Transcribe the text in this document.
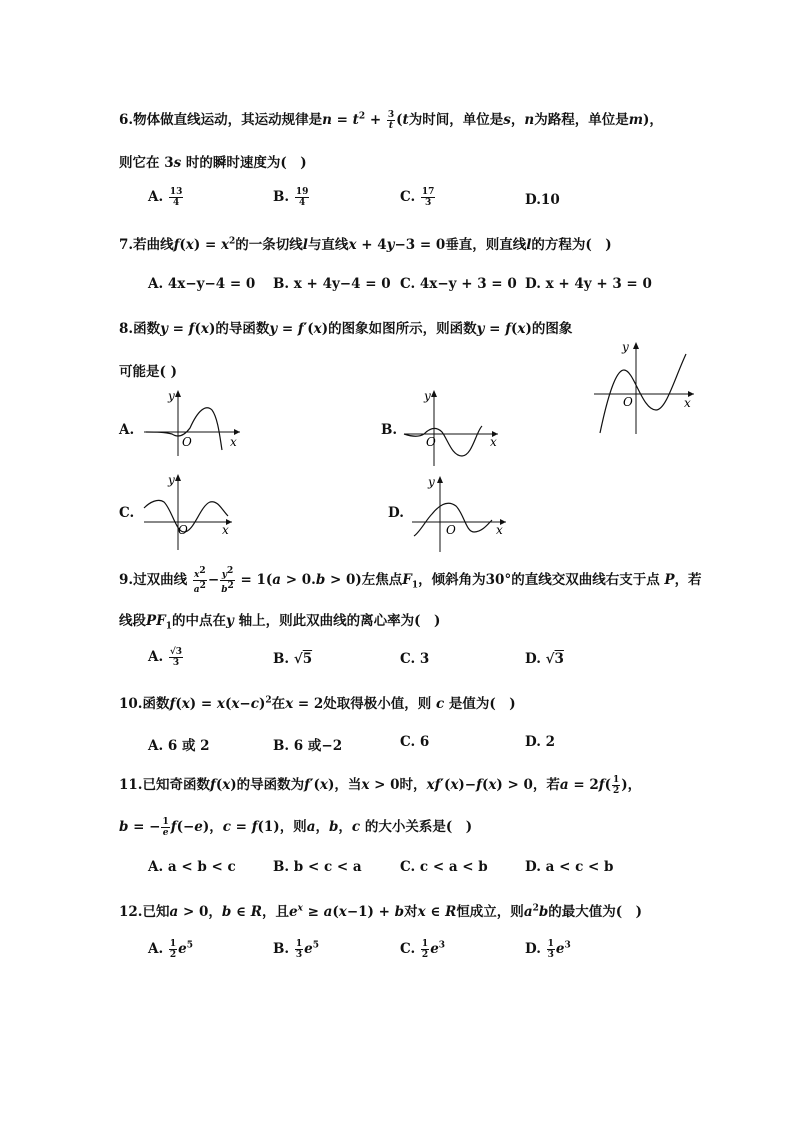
6.物体做直线运动，其运动规律是$n = t^2 + \frac{3}{t} (t$为时间，单位是s，n为路程，单位是m)，
则它在 3s 时的瞬时速度为(　)
A. $\frac{13}{4}$	B. $\frac{19}{4}$	C. $\frac{17}{3}$	D.10
7.若曲线$f(x) = x^2$的一条切线l与直线x + 4y−3 = 0垂直，则直线l的方程为(　)
A. 4x−y−4 = 0 B. x + 4y−4 = 0 C. 4x−y + 3 = 0 D. x + 4y + 3 = 0
8.函数y = f(x)的导函数y = f′(x)的图象如图所示，则函数y = f(x)的图象
可能是( )
y
x
O
A.
y
x
O
B.
y
x
O
C.
y
x
O
D.
y
x
O
9.过双曲线 $\frac{x^2}{a^2} - \frac{y^2}{b^2} = 1(a > 0.b > 0)$左焦点$F_1$，倾斜角为30°的直线交双曲线右支于点 P，若
线段$PF_1$的中点在y 轴上，则此双曲线的离心率为(　)
A. $\frac{√3}{3}$	B. √5	C. 3	D. √3
10.函数$f(x) = x(x-c)^2$在x = 2处取得极小值，则 c 是值为(　)
A. 6 或 2	B. 6 或−2	C. 6	D. 2
11.已知奇函数f(x)的导函数为f′(x)，当x > 0时，xf′(x)−f(x) > 0，若$a = 2f( \frac{1}{2}$ )，
b = − $\frac{1}{e} f(-e)$，c = f(1)，则a，b，c 的大小关系是(　)
A. a < b < c	B. b < c < a	C. c < a < b	D. a < c < b
12.已知a > 0，b ∈ R，且$e^x \ge a(x-1) + b$对x ∈ R恒成立，则$a^2b$的最大值为(　)
A. $\frac{1}{2} e^5$	B. $\frac{1}{3} e^5$	C. $\frac{1}{2} e^3$	D. $\frac{1}{3} e^3$
